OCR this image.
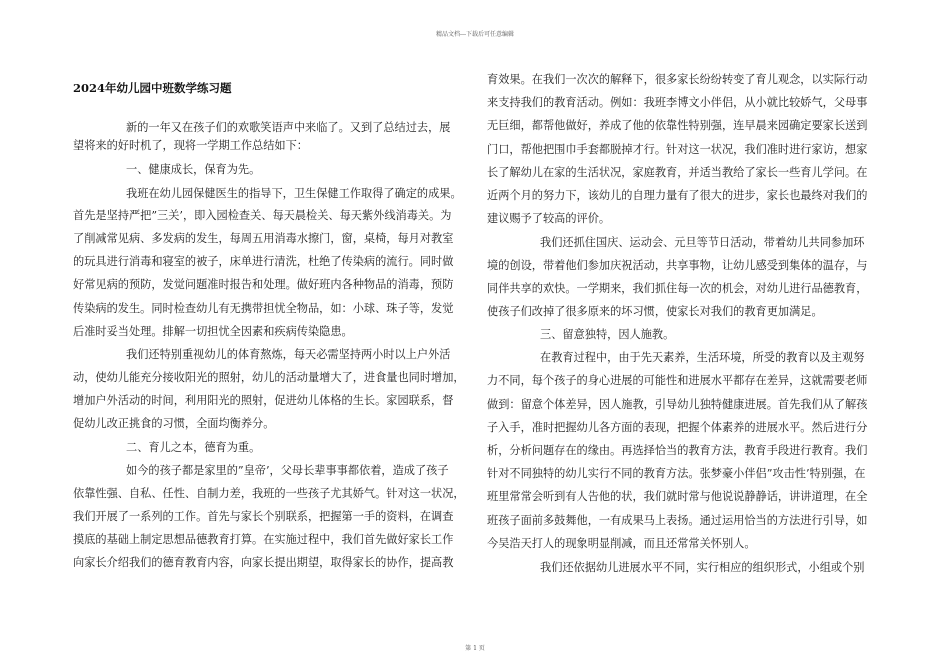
精品文档---下载后可任意编辑
2024年幼儿园中班数学练习题
新的一年又在孩子们的欢歌笑语声中来临了。又到了总结过去，展
望将来的好时机了，现将一学期工作总结如下：
一、健康成长，保育为先。
我班在幼儿园保健医生的指导下，卫生保健工作取得了确定的成果。
首先是坚持严把”三关’，即入园检查关、每天晨检关、每天紫外线消毒关。为
了削减常见病、多发病的发生，每周五用消毒水擦门，窗，桌椅，每月对教室
的玩具进行消毒和寝室的被子，床单进行清洗，杜绝了传染病的流行。同时做
好常见病的预防，发觉问题准时报告和处理。做好班内各种物品的消毒，预防
传染病的发生。同时检查幼儿有无携带担忧全物品，如：小球、珠子等，发觉
后准时妥当处理。排解一切担忧全因素和疾病传染隐患。
我们还特别重视幼儿的体育熬炼，每天必需坚持两小时以上户外活
动，使幼儿能充分接收阳光的照射，幼儿的活动量增大了，进食量也同时增加，
增加户外活动的时间，利用阳光的照射，促进幼儿体格的生长。家园联系，督
促幼儿改正挑食的习惯，全面均衡养分。
二、育儿之本，德育为重。
如今的孩子都是家里的”皇帝’，父母长辈事事都依着，造成了孩子
依靠性强、自私、任性、自制力差，我班的一些孩子尤其娇气。针对这一状况，
我们开展了一系列的工作。首先与家长个别联系，把握第一手的资料，在调查
摸底的基础上制定思想品德教育打算。在实施过程中，我们首先做好家长工作
向家长介绍我们的德育教育内容，向家长提出期望，取得家长的协作，提高教
育效果。在我们一次次的解释下，很多家长纷纷转变了育儿观念，以实际行动
来支持我们的教育活动。例如：我班李博文小伴侣，从小就比较娇气，父母事
无巨细，都帮他做好，养成了他的依靠性特别强，连早晨来园确定要家长送到
门口，帮他把围巾手套都脱掉才行。针对这一状况，我们准时进行家访，想家
长了解幼儿在家的生活状况，家庭教育，并适当教给了家长一些育儿学问。在
近两个月的努力下，该幼儿的自理力量有了很大的进步，家长也最终对我们的
建议赐予了较高的评价。
我们还抓住国庆、运动会、元旦等节日活动，带着幼儿共同参加环
境的创设，带着他们参加庆祝活动，共享事物，让幼儿感受到集体的温存，与
同伴共享的欢快。一学期来，我们抓住每一次的机会，对幼儿进行品德教育，
使孩子们改掉了很多原来的坏习惯，使家长对我们的教育更加满足。
三、留意独特，因人施教。
在教育过程中，由于先天素养，生活环境，所受的教育以及主观努
力不同，每个孩子的身心进展的可能性和进展水平都存在差异，这就需要老师
做到：留意个体差异，因人施教，引导幼儿独特健康进展。首先我们从了解孩
子入手，准时把握幼儿各方面的表现，把握个体素养的进展水平。然后进行分
析，分析问题存在的缘由。再选择恰当的教育方法，教育手段进行教育。我们
针对不同独特的幼儿实行不同的教育方法。张梦豪小伴侣”攻击性’特别强，在
班里常常会听到有人告他的状，我们就时常与他说说静静话，讲讲道理，在全
班孩子面前多鼓舞他，一有成果马上表扬。通过运用恰当的方法进行引导，如
今吴浩天打人的现象明显削减，而且还常常关怀别人。
我们还依据幼儿进展水平不同，实行相应的组织形式，小组或个别
第 1 页
